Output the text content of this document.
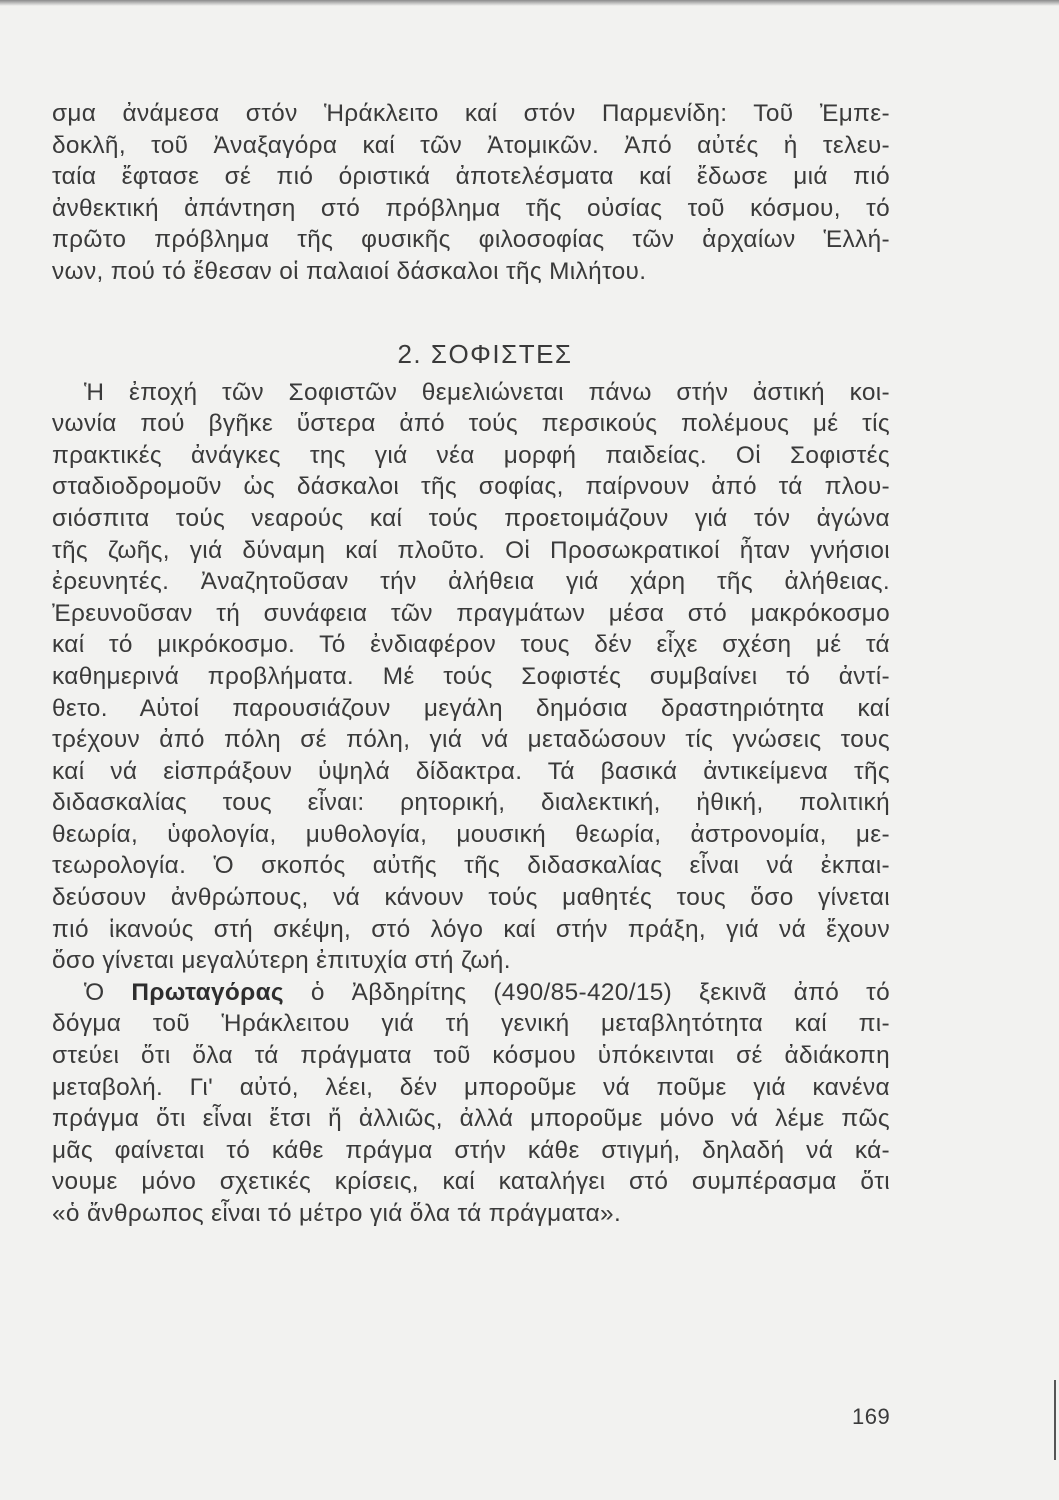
σμα ἀνάμεσα στόν Ἡράκλειτο καί στόν Παρμενίδη: Τοῦ Ἐμπε-
δοκλῆ, τοῦ Ἀναξαγόρα καί τῶν Ἀτομικῶν. Ἀπό αὐτές ἡ τελευ-
ταία ἔφτασε σέ πιό όριστικά ἀποτελέσματα καί ἔδωσε μιά πιό
ἀνθεκτική ἀπάντηση στό πρόβλημα τῆς οὐσίας τοῦ κόσμου, τό
πρῶτο πρόβλημα τῆς φυσικῆς φιλοσοφίας τῶν ἀρχαίων Ἑλλή-
νων, πού τό ἔθεσαν οἱ παλαιοί δάσκαλοι τῆς Μιλήτου.

2. ΣΟΦΙΣΤΕΣ

Ἡ ἐποχή τῶν Σοφιστῶν θεμελιώνεται πάνω στήν ἀστική κοι-
νωνία πού βγῆκε ὕστερα ἀπό τούς περσικούς πολέμους μέ τίς
πρακτικές ἀνάγκες της γιά νέα μορφή παιδείας. Οἱ Σοφιστές
σταδιοδρομοῦν ὡς δάσκαλοι τῆς σοφίας, παίρνουν ἀπό τά πλου-
σιόσπιτα τούς νεαρούς καί τούς προετοιμάζουν γιά τόν ἀγώνα
τῆς ζωῆς, γιά δύναμη καί πλοῦτο. Οἱ Προσωκρατικοί ἦταν γνήσιοι
ἐρευνητές. Ἀναζητοῦσαν τήν ἀλήθεια γιά χάρη τῆς ἀλήθειας.
Ἐρευνοῦσαν τή συνάφεια τῶν πραγμάτων μέσα στό μακρόκοσμο
καί τό μικρόκοσμο. Τό ἐνδιαφέρον τους δέν εἶχε σχέση μέ τά
καθημερινά προβλήματα. Μέ τούς Σοφιστές συμβαίνει τό ἀντί-
θετο. Αὐτοί παρουσιάζουν μεγάλη δημόσια δραστηριότητα καί
τρέχουν ἀπό πόλη σέ πόλη, γιά νά μεταδώσουν τίς γνώσεις τους
καί νά εἰσπράξουν ὑψηλά δίδακτρα. Τά βασικά ἀντικείμενα τῆς
διδασκαλίας τους εἶναι: ρητορική, διαλεκτική, ἠθική, πολιτική
θεωρία, ὑφολογία, μυθολογία, μουσική θεωρία, ἀστρονομία, με-
τεωρολογία. Ὁ σκοπός αὐτῆς τῆς διδασκαλίας εἶναι νά ἐκπαι-
δεύσουν ἀνθρώπους, νά κάνουν τούς μαθητές τους ὅσο γίνεται
πιό ἱκανούς στή σκέψη, στό λόγο καί στήν πράξη, γιά νά ἔχουν
ὅσο γίνεται μεγαλύτερη ἐπιτυχία στή ζωή.

Ὁ Πρωταγόρας ὁ Ἀβδηρίτης (490/85-420/15) ξεκινᾶ ἀπό τό
δόγμα τοῦ Ἡράκλειτου γιά τή γενική μεταβλητότητα καί πι-
στεύει ὅτι ὅλα τά πράγματα τοῦ κόσμου ὑπόκεινται σέ ἀδιάκοπη
μεταβολή. Γι' αὐτό, λέει, δέν μποροῦμε νά ποῦμε γιά κανένα
πράγμα ὅτι εἶναι ἔτσι ἤ ἀλλιῶς, ἀλλά μποροῦμε μόνο νά λέμε πῶς
μᾶς φαίνεται τό κάθε πράγμα στήν κάθε στιγμή, δηλαδή νά κά-
νουμε μόνο σχετικές κρίσεις, καί καταλήγει στό συμπέρασμα ὅτι
«ὁ ἄνθρωπος εἶναι τό μέτρο γιά ὅλα τά πράγματα».

169
